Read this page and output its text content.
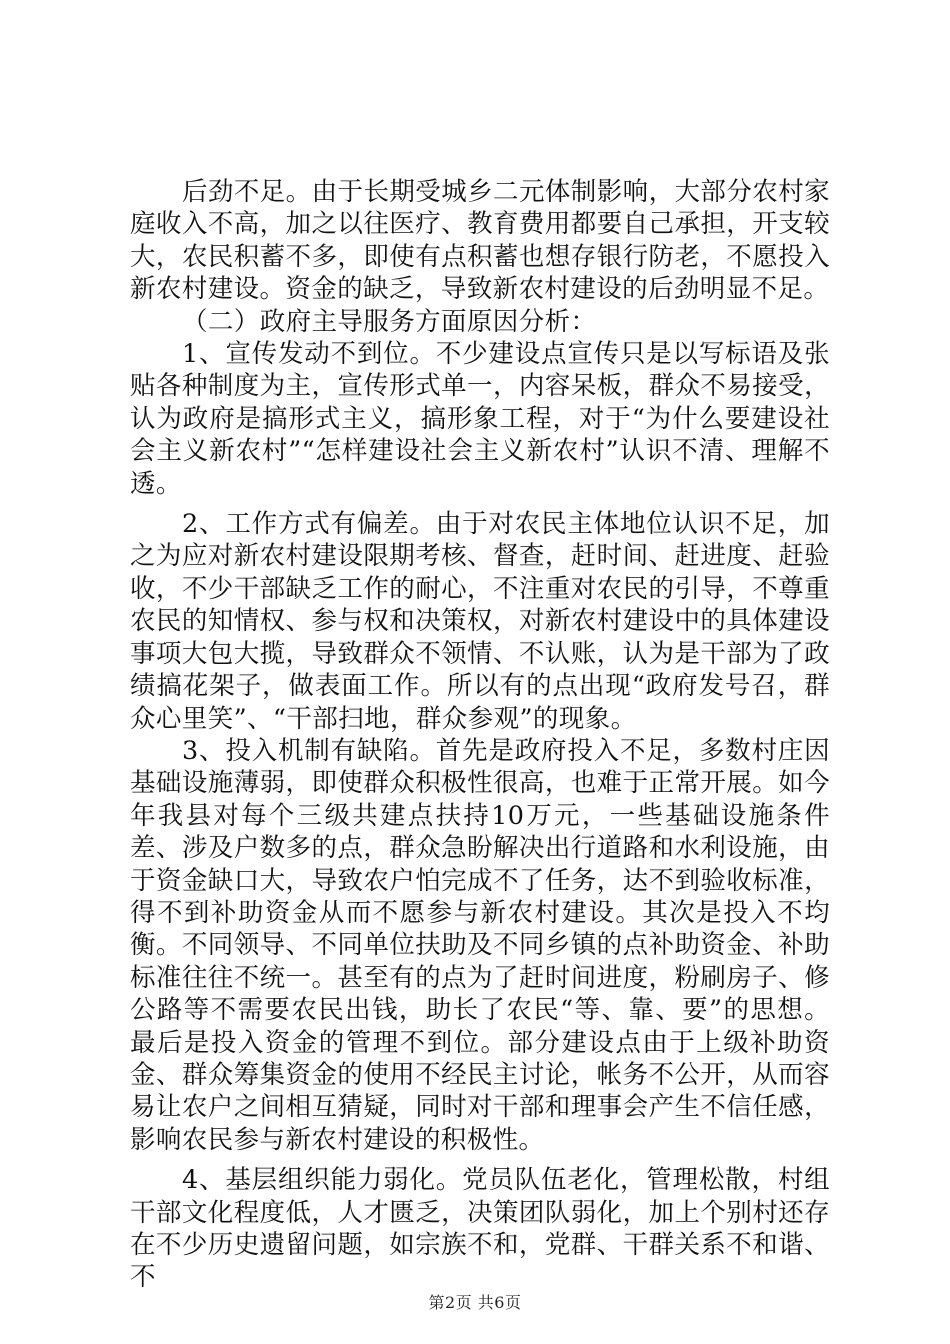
后劲不足。由于长期受城乡二元体制影响，大部分农村家庭收入不高，加之以往医疗、教育费用都要自己承担，开支较大，农民积蓄不多，即使有点积蓄也想存银行防老，不愿投入新农村建设。资金的缺乏，导致新农村建设的后劲明显不足。

（二）政府主导服务方面原因分析：

1、宣传发动不到位。不少建设点宣传只是以写标语及张贴各种制度为主，宣传形式单一，内容呆板，群众不易接受，认为政府是搞形式主义，搞形象工程，对于“为什么要建设社会主义新农村”“怎样建设社会主义新农村”认识不清、理解不透。

2、工作方式有偏差。由于对农民主体地位认识不足，加之为应对新农村建设限期考核、督查，赶时间、赶进度、赶验收，不少干部缺乏工作的耐心，不注重对农民的引导，不尊重农民的知情权、参与权和决策权，对新农村建设中的具体建设事项大包大揽，导致群众不领情、不认账，认为是干部为了政绩搞花架子，做表面工作。所以有的点出现“政府发号召，群众心里笑”、“干部扫地，群众参观”的现象。

3、投入机制有缺陷。首先是政府投入不足，多数村庄因基础设施薄弱，即使群众积极性很高，也难于正常开展。如今年我县对每个三级共建点扶持10万元，一些基础设施条件差、涉及户数多的点，群众急盼解决出行道路和水利设施，由于资金缺口大，导致农户怕完成不了任务，达不到验收标准，得不到补助资金从而不愿参与新农村建设。其次是投入不均衡。不同领导、不同单位扶助及不同乡镇的点补助资金、补助标准往往不统一。甚至有的点为了赶时间进度，粉刷房子、修公路等不需要农民出钱，助长了农民“等、靠、要”的思想。最后是投入资金的管理不到位。部分建设点由于上级补助资金、群众筹集资金的使用不经民主讨论，帐务不公开，从而容易让农户之间相互猜疑，同时对干部和理事会产生不信任感，影响农民参与新农村建设的积极性。

4、基层组织能力弱化。党员队伍老化，管理松散，村组干部文化程度低，人才匮乏，决策团队弱化，加上个别村还存在不少历史遗留问题，如宗族不和，党群、干群关系不和谐、不

第2页 共6页
